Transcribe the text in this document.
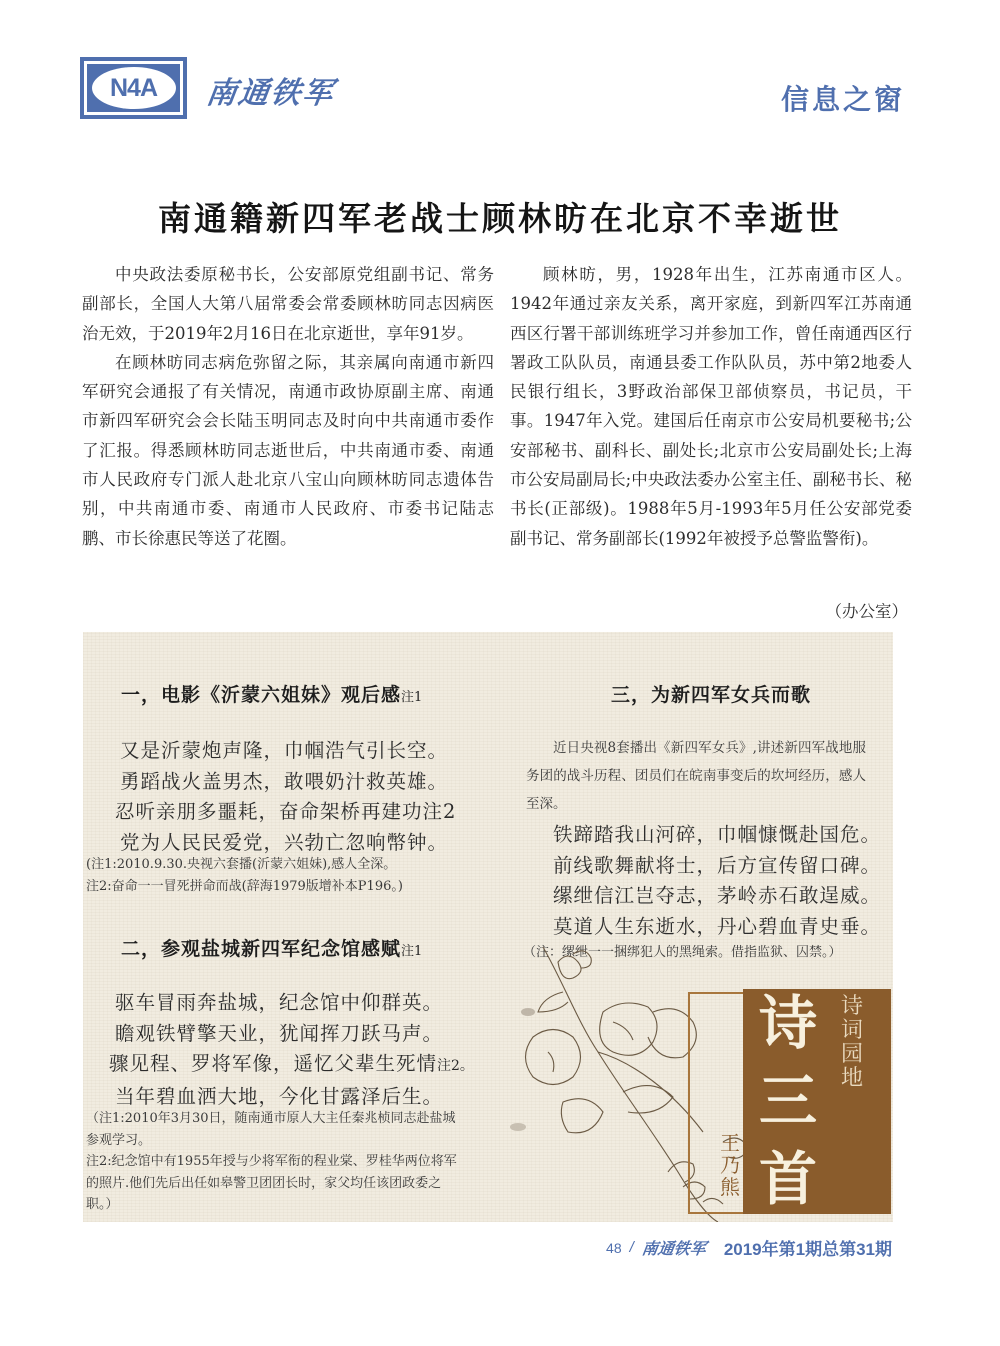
N4A	南通铁军	信息之窗
南通籍新四军老战士顾林昉在北京不幸逝世

中央政法委原秘书长，公安部原党组副书记、常务副部长，全国人大第八届常委会常委顾林昉同志因病医治无效，于2019年2月16日在北京逝世，享年91岁。

在顾林昉同志病危弥留之际，其亲属向南通市新四军研究会通报了有关情况，南通市政协原副主席、南通市新四军研究会会长陆玉明同志及时向中共南通市委作了汇报。得悉顾林昉同志逝世后，中共南通市委、南通市人民政府专门派人赴北京八宝山向顾林昉同志遗体告别，中共南通市委、南通市人民政府、市委书记陆志鹏、市长徐惠民等送了花圈。

顾林昉，男，1928年出生，江苏南通市区人。1942年通过亲友关系，离开家庭，到新四军江苏南通西区行署干部训练班学习并参加工作，曾任南通西区行署政工队队员，南通县委工作队队员，苏中第2地委人民银行组长，3野政治部保卫部侦察员，书记员，干事。1947年入党。建国后任南京市公安局机要秘书;公安部秘书、副科长、副处长;北京市公安局副处长;上海市公安局副局长;中央政法委办公室主任、副秘书长、秘书长(正部级)。1988年5月-1993年5月任公安部党委副书记、常务副部长(1992年被授予总警监警衔)。

（办公室）
一，电影《沂蒙六姐妹》观后感注1
又是沂蒙炮声隆，巾帼浩气引长空。
勇蹈战火盖男杰，敢喂奶汁救英雄。
忍听亲朋多噩耗，奋命架桥再建功注2
党为人民民爱党，兴勃亡忽响幣钟。
(注1:2010.9.30.央视六套播(沂蒙六姐妹),感人全深。
注2:奋命一一冒死拼命而战(辞海1979版增补本P196。)
二，参观盐城新四军纪念馆感赋注1
驱车冒雨奔盐城，纪念馆中仰群英。
瞻观铁臂擎天业，犹闻挥刀跃马声。
骤见程、罗将军像，遥忆父辈生死情注2。
当年碧血洒大地，今化甘露泽后生。
（注1:2010年3月30日，随南通市原人大主任秦兆桢同志赴盐城参观学习。
注2:纪念馆中有1955年授与少将军衔的程业棠、罗桂华两位将军的照片.他们先后出任如皋警卫团团长时，家父均任该团政委之职。）
三，为新四军女兵而歌
近日央视8套播出《新四军女兵》,讲述新四军战地服务团的战斗历程、团员们在皖南事变后的坎坷经历，感人至深。
铁蹄踏我山河碎，巾帼慷慨赴国危。
前线歌舞献将士，后方宣传留口碑。
缧绁信江岂夺志，茅岭赤石敢逞威。
莫道人生东逝水，丹心碧血青史垂。
（注：缧绁一一捆绑犯人的黑绳索。借指监狱、囚禁。）
诗
三
首
诗词园地
王乃熊
48 / 南通铁军 2019年第1期总第31期
